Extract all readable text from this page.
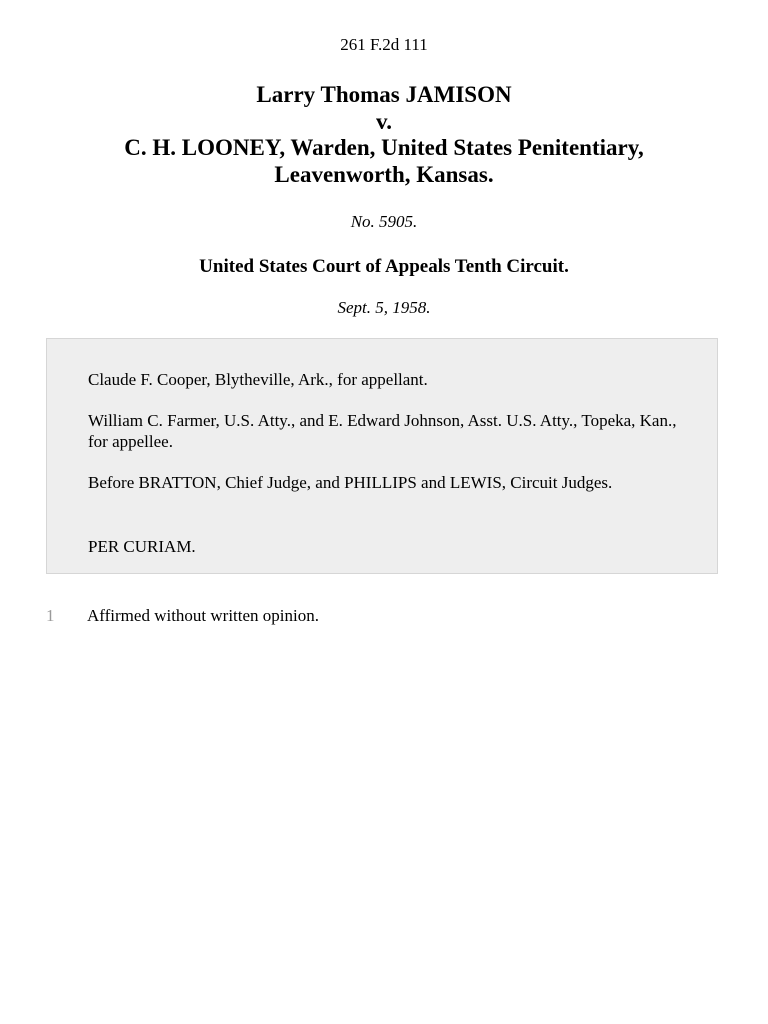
261 F.2d 111
Larry Thomas JAMISON
v.
C. H. LOONEY, Warden, United States Penitentiary,
Leavenworth, Kansas.
No. 5905.
United States Court of Appeals Tenth Circuit.
Sept. 5, 1958.

Claude F. Cooper, Blytheville, Ark., for appellant.

William C. Farmer, U.S. Atty., and E. Edward Johnson, Asst. U.S. Atty., Topeka, Kan., for appellee.

Before BRATTON, Chief Judge, and PHILLIPS and LEWIS, Circuit Judges.

PER CURIAM.

1 Affirmed without written opinion.
